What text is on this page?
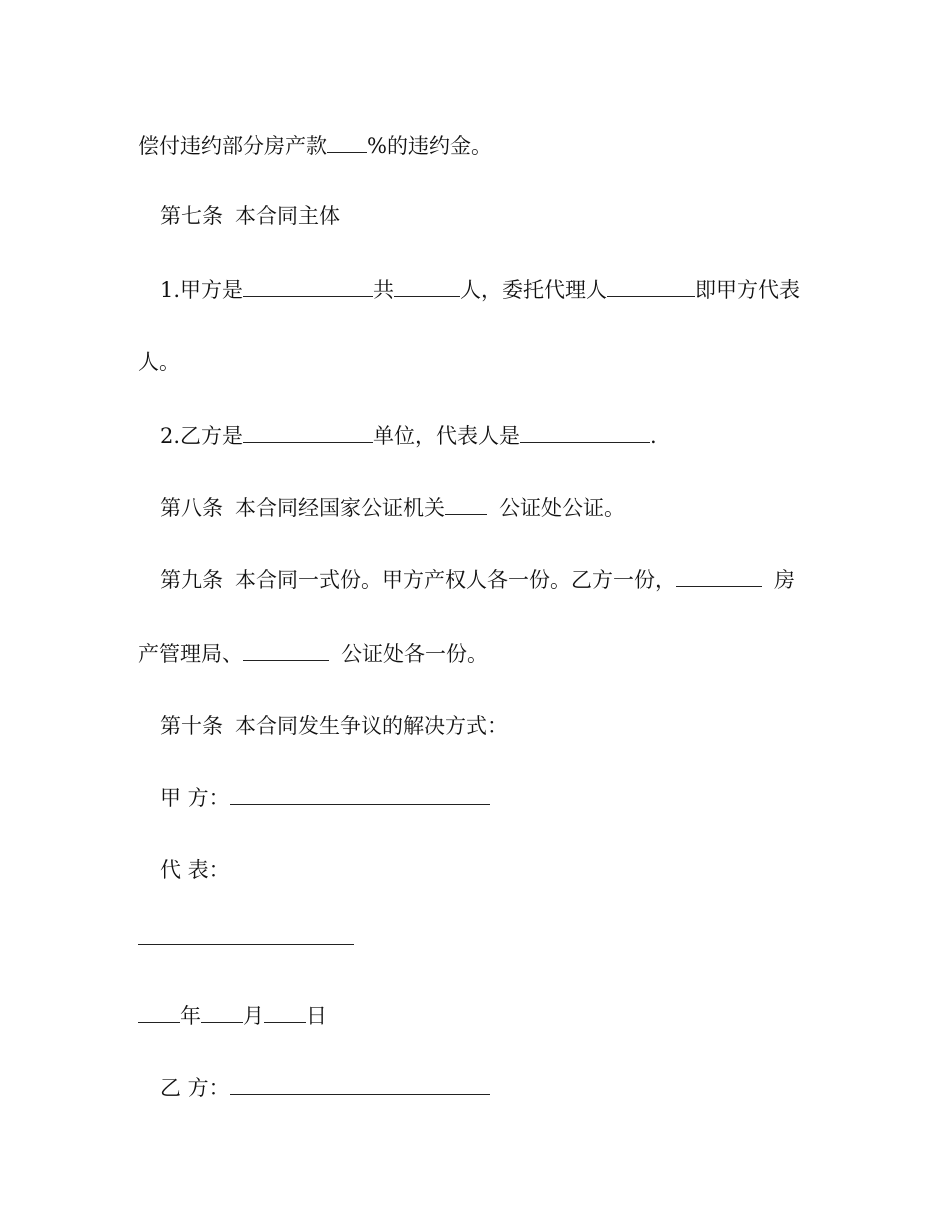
偿付违约部分房产款 %的违约金。
第七条 本合同主体
1.甲方是	共	人，委托代理人	即甲方代表
人。
2.乙方是	单位，代表人是	.
第八条 本合同经国家公证机关	公证处公证。
第九条 本合同一式份。甲方产权人各一份。乙方一份，	房
产管理局、	公证处各一份。
第十条 本合同发生争议的解决方式：
甲 方：
代 表：
年 月 日
乙 方：
